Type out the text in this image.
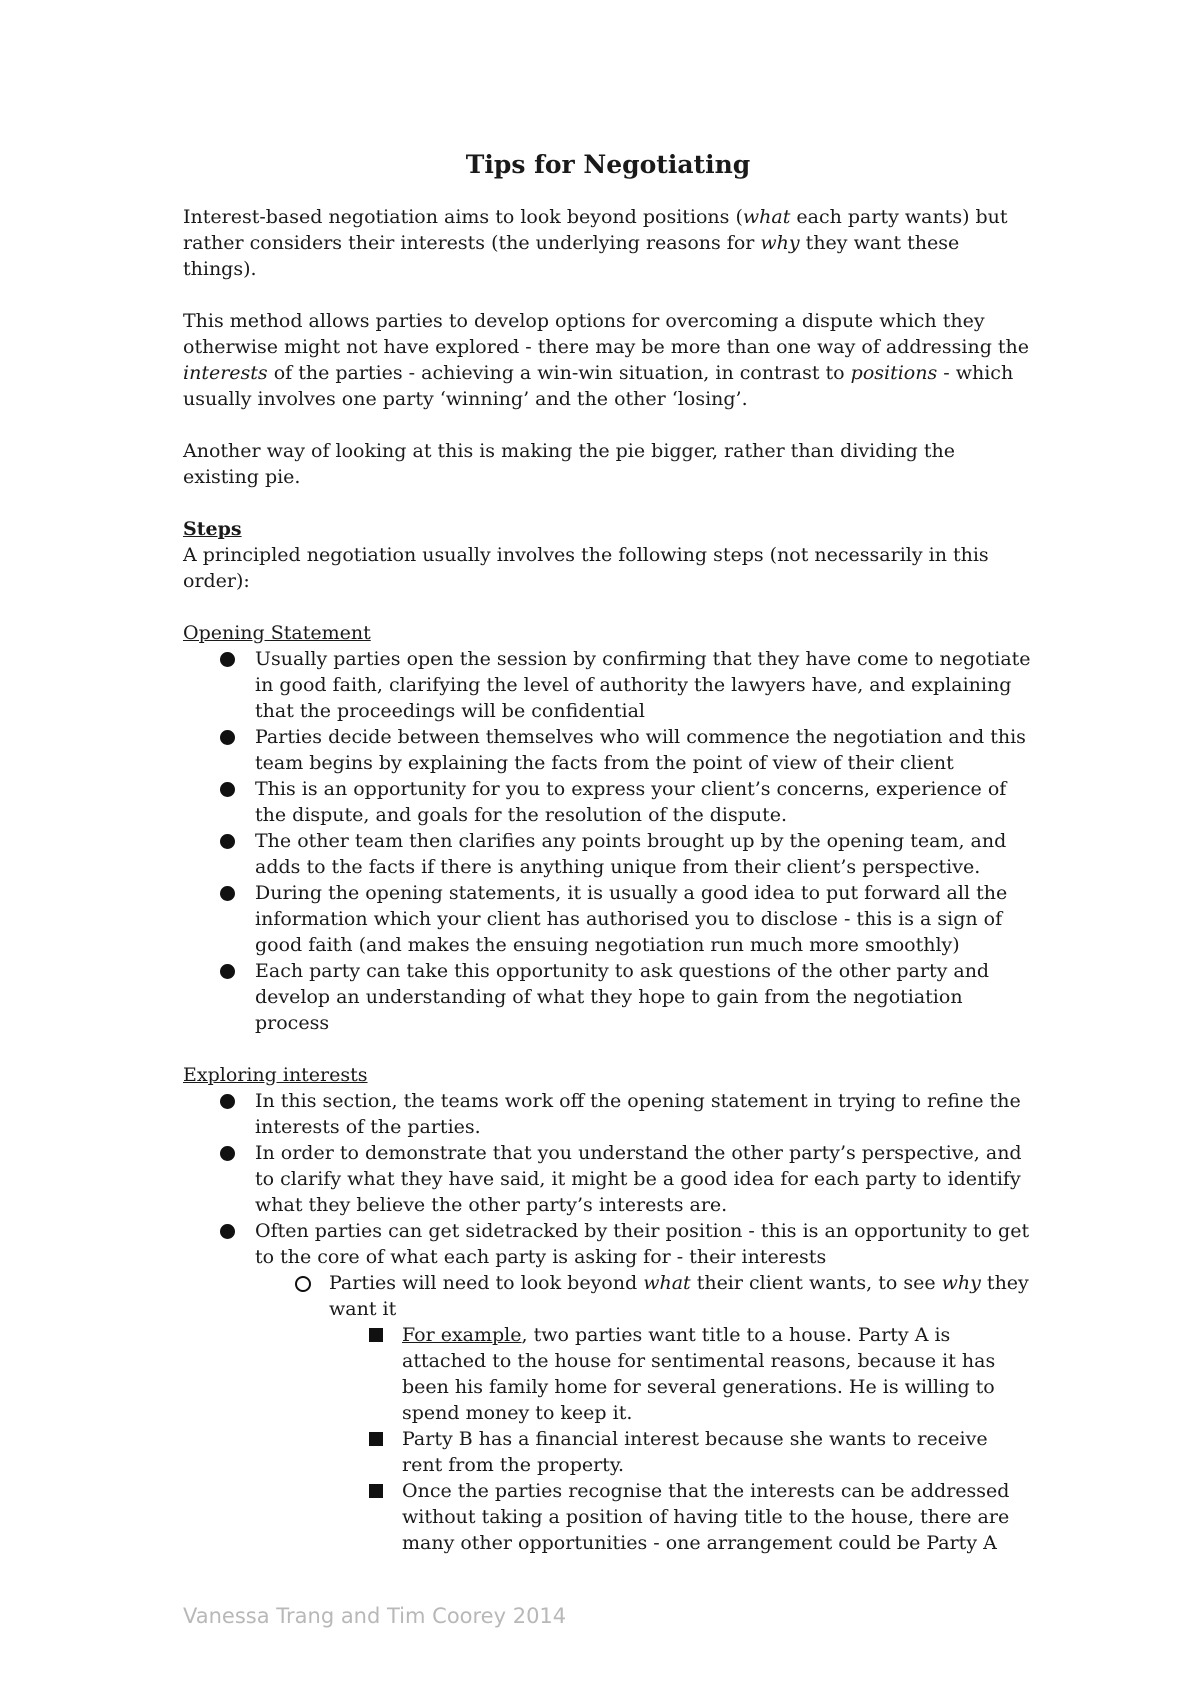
Tips for Negotiating

Interest-based negotiation aims to look beyond positions (what each party wants) but rather considers their interests (the underlying reasons for why they want these things).

This method allows parties to develop options for overcoming a dispute which they otherwise might not have explored - there may be more than one way of addressing the interests of the parties - achieving a win-win situation, in contrast to positions - which usually involves one party ‘winning’ and the other ‘losing’.

Another way of looking at this is making the pie bigger, rather than dividing the existing pie.

Steps

A principled negotiation usually involves the following steps (not necessarily in this order):

Opening Statement
Usually parties open the session by confirming that they have come to negotiate in good faith, clarifying the level of authority the lawyers have, and explaining that the proceedings will be confidential
Parties decide between themselves who will commence the negotiation and this team begins by explaining the facts from the point of view of their client
This is an opportunity for you to express your client’s concerns, experience of the dispute, and goals for the resolution of the dispute.
The other team then clarifies any points brought up by the opening team, and adds to the facts if there is anything unique from their client’s perspective.
During the opening statements, it is usually a good idea to put forward all the information which your client has authorised you to disclose - this is a sign of good faith (and makes the ensuing negotiation run much more smoothly)
Each party can take this opportunity to ask questions of the other party and develop an understanding of what they hope to gain from the negotiation process
Exploring interests
In this section, the teams work off the opening statement in trying to refine the interests of the parties.
In order to demonstrate that you understand the other party’s perspective, and to clarify what they have said, it might be a good idea for each party to identify what they believe the other party’s interests are.
Often parties can get sidetracked by their position - this is an opportunity to get to the core of what each party is asking for - their interests
Parties will need to look beyond what their client wants, to see why they want it
For example, two parties want title to a house. Party A is attached to the house for sentimental reasons, because it has been his family home for several generations. He is willing to spend money to keep it.
Party B has a financial interest because she wants to receive rent from the property.
Once the parties recognise that the interests can be addressed without taking a position of having title to the house, there are many other opportunities - one arrangement could be Party A
Vanessa Trang and Tim Coorey 2014
